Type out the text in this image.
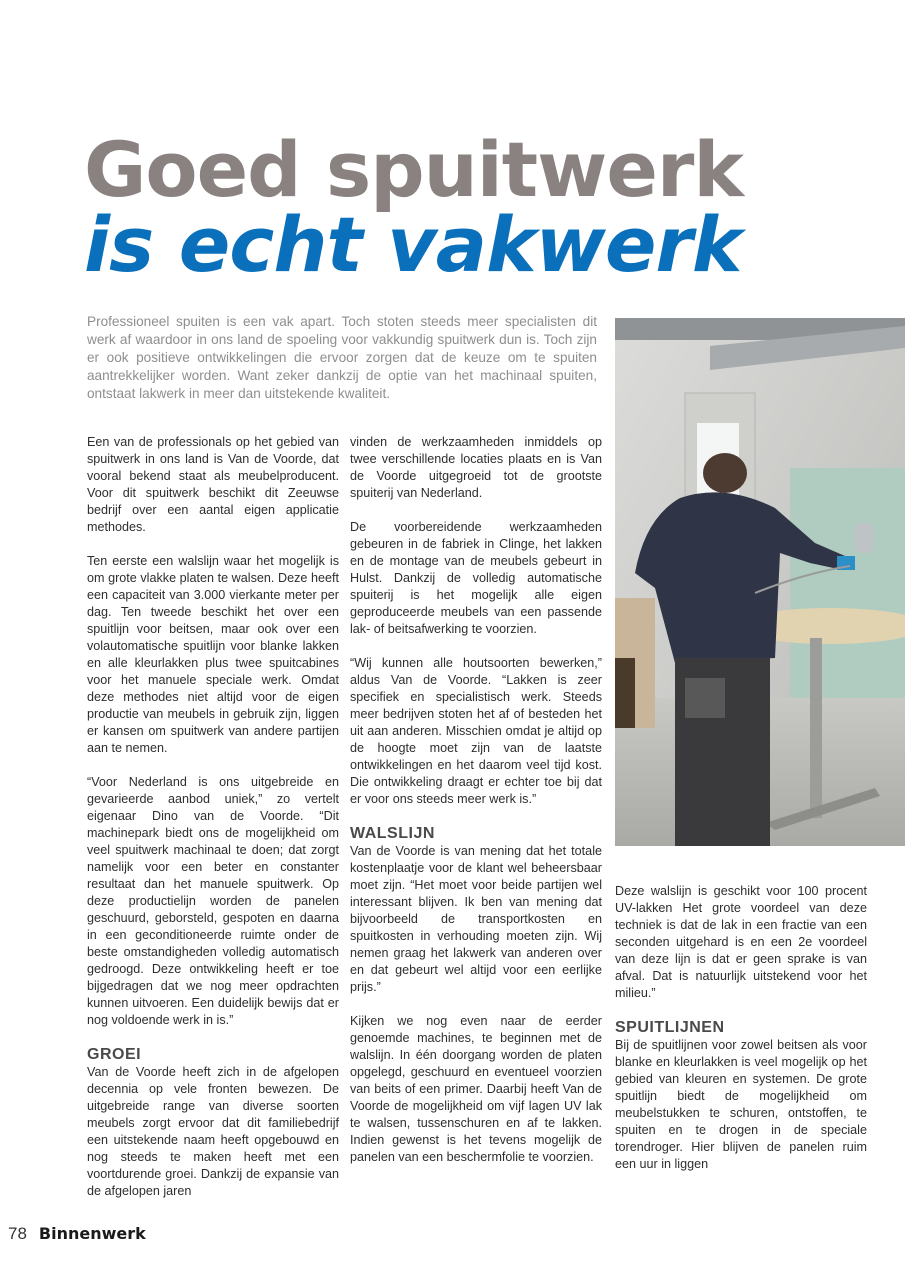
Goed spuitwerk
is echt vakwerk

Professioneel spuiten is een vak apart. Toch stoten steeds meer specialisten dit werk af waardoor in ons land de spoeling voor vakkundig spuitwerk dun is. Toch zijn er ook positieve ontwikkelingen die ervoor zorgen dat de keuze om te spuiten aantrekkelijker worden. Want zeker dankzij de optie van het machinaal spuiten, ontstaat lakwerk in meer dan uitstekende kwaliteit.

Een van de professionals op het gebied van spuitwerk in ons land is Van de Voorde, dat vooral bekend staat als meubelproducent. Voor dit spuitwerk beschikt dit Zeeuwse bedrijf over een aantal eigen applicatie methodes.

Ten eerste een walslijn waar het mogelijk is om grote vlakke platen te walsen. Deze heeft een capaciteit van 3.000 vierkante meter per dag. Ten tweede beschikt het over een spuitlijn voor beitsen, maar ook over een volautomatische spuitlijn voor blanke lakken en alle kleurlakken plus twee spuitcabines voor het manuele speciale werk. Omdat deze methodes niet altijd voor de eigen productie van meubels in gebruik zijn, liggen er kansen om spuitwerk van andere partijen aan te nemen.

“Voor Nederland is ons uitgebreide en gevarieerde aanbod uniek,” zo vertelt eigenaar Dino van de Voorde. “Dit machinepark biedt ons de mogelijkheid om veel spuitwerk machinaal te doen; dat zorgt namelijk voor een beter en constanter resultaat dan het manuele spuitwerk. Op deze productielijn worden de panelen geschuurd, geborsteld, gespoten en daarna in een geconditioneerde ruimte onder de beste omstandigheden volledig automatisch gedroogd. Deze ontwikkeling heeft er toe bijgedragen dat we nog meer opdrachten kunnen uitvoeren. Een duidelijk bewijs dat er nog voldoende werk in is.”

GROEI

Van de Voorde heeft zich in de afgelopen decennia op vele fronten bewezen. De uitgebreide range van diverse soorten meubels zorgt ervoor dat dit familiebedrijf een uitstekende naam heeft opgebouwd en nog steeds te maken heeft met een voortdurende groei. Dankzij de expansie van de afgelopen jaren

vinden de werkzaamheden inmiddels op twee verschillende locaties plaats en is Van de Voorde uitgegroeid tot de grootste spuiterij van Nederland.

De voorbereidende werkzaamheden gebeuren in de fabriek in Clinge, het lakken en de montage van de meubels gebeurt in Hulst. Dankzij de volledig automatische spuiterij is het mogelijk alle eigen geproduceerde meubels van een passende lak- of beitsafwerking te voorzien.

“Wij kunnen alle houtsoorten bewerken,” aldus Van de Voorde. “Lakken is zeer specifiek en specialistisch werk. Steeds meer bedrijven stoten het af of besteden het uit aan anderen. Misschien omdat je altijd op de hoogte moet zijn van de laatste ontwikkelingen en het daarom veel tijd kost. Die ontwikkeling draagt er echter toe bij dat er voor ons steeds meer werk is.”

WALSLIJN

Van de Voorde is van mening dat het totale kostenplaatje voor de klant wel beheersbaar moet zijn. “Het moet voor beide partijen wel interessant blijven. Ik ben van mening dat bijvoorbeeld de transportkosten en spuitkosten in verhouding moeten zijn. Wij nemen graag het lakwerk van anderen over en dat gebeurt wel altijd voor een eerlijke prijs.”

Kijken we nog even naar de eerder genoemde machines, te beginnen met de walslijn. In één doorgang worden de platen opgelegd, geschuurd en eventueel voorzien van beits of een primer. Daarbij heeft Van de Voorde de mogelijkheid om vijf lagen UV lak te walsen, tussenschuren en af te lakken. Indien gewenst is het tevens mogelijk de panelen van een beschermfolie te voorzien.

Deze walslijn is geschikt voor 100 procent UV-lakken Het grote voordeel van deze techniek is dat de lak in een fractie van een seconden uitgehard is en een 2e voordeel van deze lijn is dat er geen sprake is van afval. Dat is natuurlijk uitstekend voor het milieu.”

SPUITLIJNEN

Bij de spuitlijnen voor zowel beitsen als voor blanke en kleurlakken is veel mogelijk op het gebied van kleuren en systemen. De grote spuitlijn biedt de mogelijkheid om meubelstukken te schuren, ontstoffen, te spuiten en te drogen in de speciale torendroger. Hier blijven de panelen ruim een uur in liggen

78 Binnenwerk
